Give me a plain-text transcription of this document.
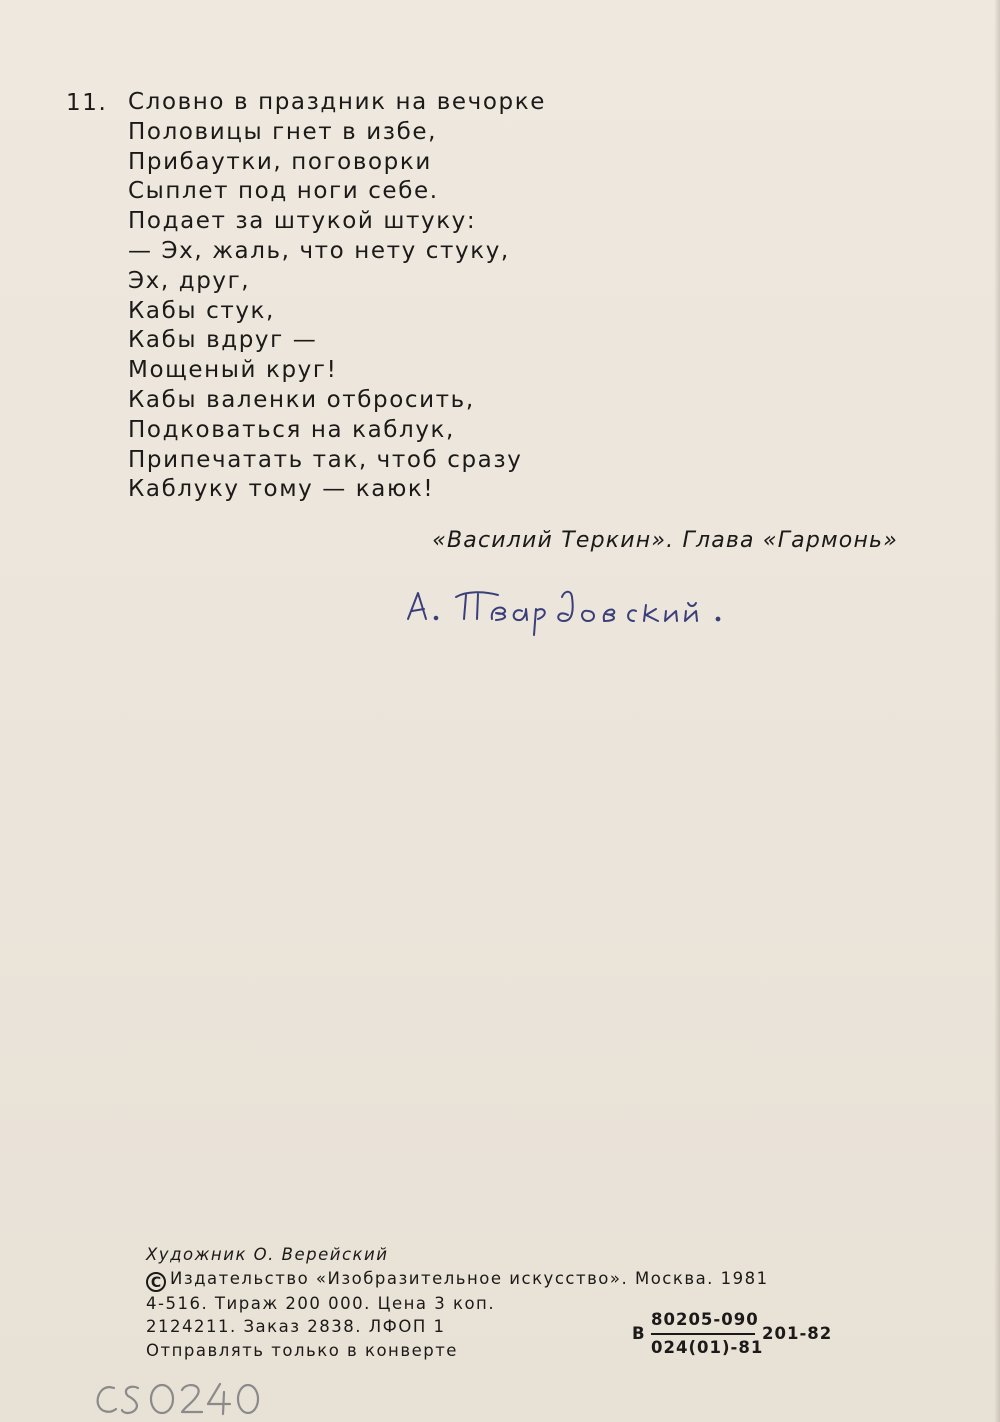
11. Словно в праздник на вечорке
Половицы гнет в избе,
Прибаутки, поговорки
Сыплет под ноги себе.
Подает за штукой штуку:
— Эх, жаль, что нету стуку,
Эх, друг,
Кабы стук,
Кабы вдруг —
Мощеный круг!
Кабы валенки отбросить,
Подковаться на каблук,
Припечатать так, чтоб сразу
Каблуку тому — каюк!
«Василий Теркин». Глава «Гармонь»
Художник О. Верейский
C Издательство «Изобразительное искусство». Москва. 1981
4-516. Тираж 200 000. Цена 3 коп.
2124211. Заказ 2838. ЛФОП 1
Отправлять только в конверте
В
80205-090
024(01)-81
201-82
